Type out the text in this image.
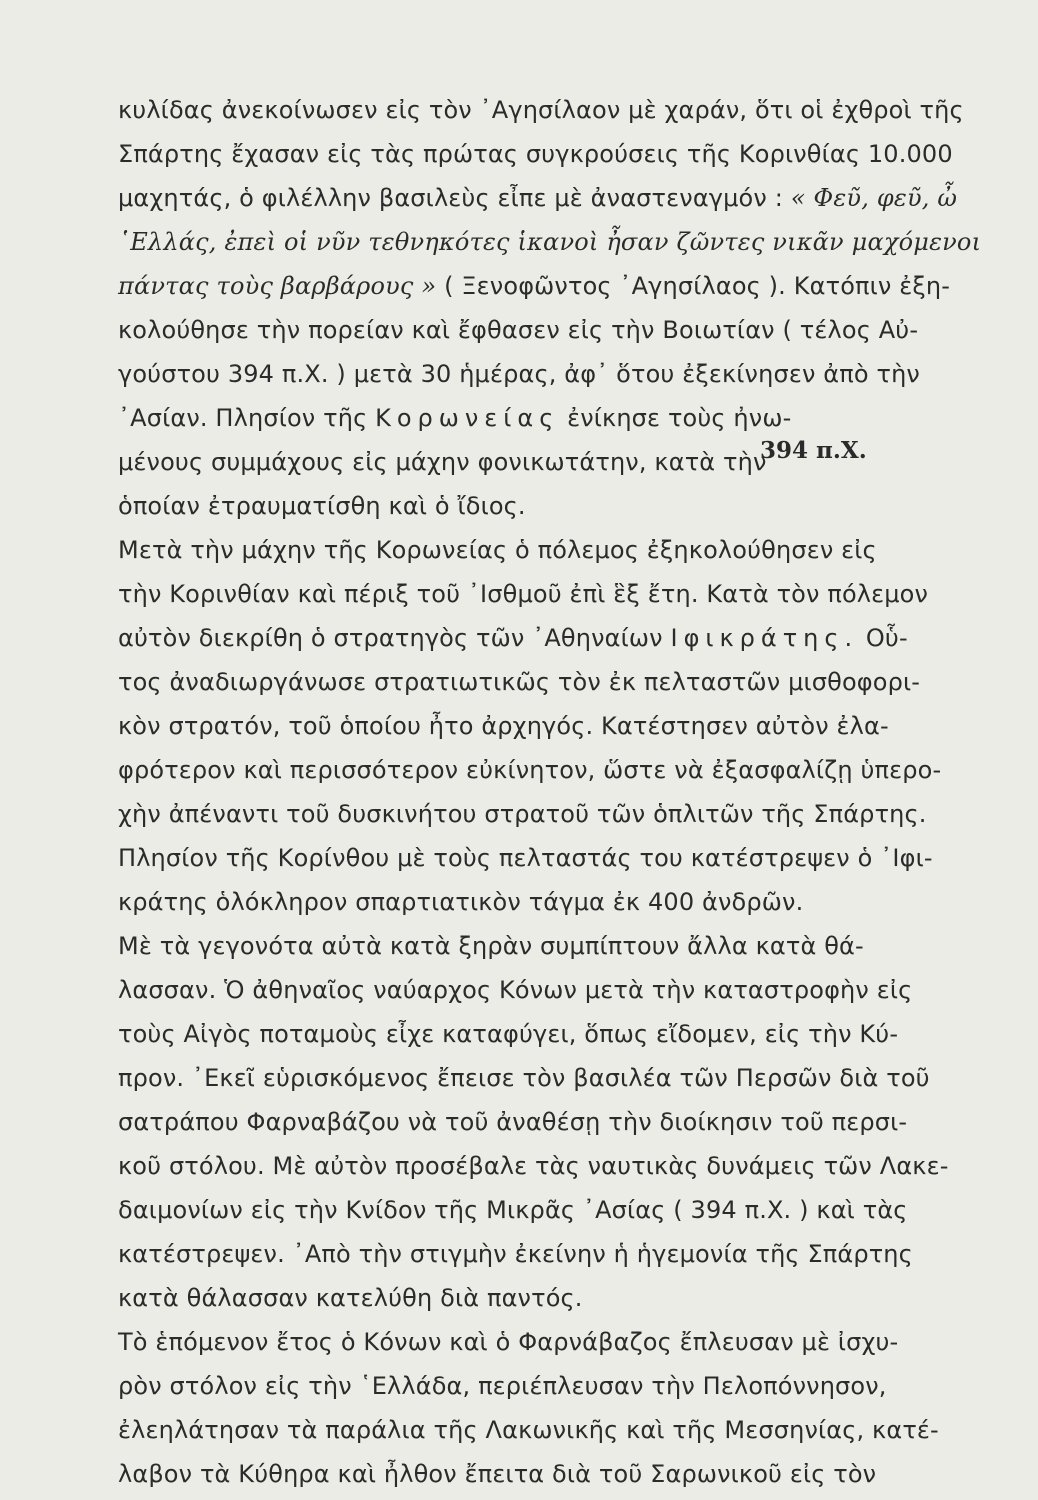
κυλίδας ἀνεκοίνωσεν εἰς τὸν ᾿Αγησίλαον μὲ χαράν, ὅτι οἱ ἐχθροὶ τῆς
Σπάρτης ἔχασαν εἰς τὰς πρώτας συγκρούσεις τῆς Κορινθίας 10.000
μαχητάς, ὁ φιλέλλην βασιλεὺς εἶπε μὲ ἀναστεναγμόν : « Φεῦ, φεῦ, ὦ
῾Ελλάς, ἐπεὶ οἱ νῦν τεθνηκότες ἱκανοὶ ἦσαν ζῶντες νικᾶν μαχόμενοι
πάντας τοὺς βαρβάρους » ( Ξενοφῶντος ᾿Αγησίλαος ). Κατόπιν ἐξη-
κολούθησε τὴν πορείαν καὶ ἔφθασεν εἰς τὴν Βοιωτίαν ( τέλος Αὐ-
γούστου 394 π.Χ. ) μετὰ 30 ἡμέρας, ἀφ᾿ ὅτου ἐξεκίνησεν ἀπὸ τὴν
᾿Ασίαν. Πλησίον τῆς Κορωνείας ἐνίκησε τοὺς ἠνω-
394 π.Χ.
μένους συμμάχους εἰς μάχην φονικωτάτην, κατὰ τὴν
ὁποίαν ἐτραυματίσθη καὶ ὁ ἴδιος.
Μετὰ τὴν μάχην τῆς Κορωνείας ὁ πόλεμος ἐξηκολούθησεν εἰς
τὴν Κορινθίαν καὶ πέριξ τοῦ ᾿Ισθμοῦ ἐπὶ ἓξ ἔτη. Κατὰ τὸν πόλεμον
αὐτὸν διεκρίθη ὁ στρατηγὸς τῶν ᾿Αθηναίων Ιφικράτης. Οὗ-
τος ἀναδιωργάνωσε στρατιωτικῶς τὸν ἐκ πελταστῶν μισθοφορι-
κὸν στρατόν, τοῦ ὁποίου ἦτο ἀρχηγός. Κατέστησεν αὐτὸν ἐλα-
φρότερον καὶ περισσότερον εὐκίνητον, ὥστε νὰ ἐξασφαλίζῃ ὑπερο-
χὴν ἀπέναντι τοῦ δυσκινήτου στρατοῦ τῶν ὁπλιτῶν τῆς Σπάρτης.
Πλησίον τῆς Κορίνθου μὲ τοὺς πελταστάς του κατέστρεψεν ὁ ᾿Ιφι-
κράτης ὁλόκληρον σπαρτιατικὸν τάγμα ἐκ 400 ἀνδρῶν.
Μὲ τὰ γεγονότα αὐτὰ κατὰ ξηρὰν συμπίπτουν ἄλλα κατὰ θά-
λασσαν. Ὁ ἀθηναῖος ναύαρχος Κόνων μετὰ τὴν καταστροφὴν εἰς
τοὺς Αἰγὸς ποταμοὺς εἶχε καταφύγει, ὅπως εἴδομεν, εἰς τὴν Κύ-
προν. ᾿Εκεῖ εὑρισκόμενος ἔπεισε τὸν βασιλέα τῶν Περσῶν διὰ τοῦ
σατράπου Φαρναβάζου νὰ τοῦ ἀναθέσῃ τὴν διοίκησιν τοῦ περσι-
κοῦ στόλου. Μὲ αὐτὸν προσέβαλε τὰς ναυτικὰς δυνάμεις τῶν Λακε-
δαιμονίων εἰς τὴν Κνίδον τῆς Μικρᾶς ᾿Ασίας ( 394 π.Χ. ) καὶ τὰς
κατέστρεψεν. ᾿Απὸ τὴν στιγμὴν ἐκείνην ἡ ἡγεμονία τῆς Σπάρτης
κατὰ θάλασσαν κατελύθη διὰ παντός.
Τὸ ἑπόμενον ἔτος ὁ Κόνων καὶ ὁ Φαρνάβαζος ἔπλευσαν μὲ ἰσχυ-
ρὸν στόλον εἰς τὴν ῾Ελλάδα, περιέπλευσαν τὴν Πελοπόννησον,
ἐλεηλάτησαν τὰ παράλια τῆς Λακωνικῆς καὶ τῆς Μεσσηνίας, κατέ-
λαβον τὰ Κύθηρα καὶ ἦλθον ἔπειτα διὰ τοῦ Σαρωνικοῦ εἰς τὸν
